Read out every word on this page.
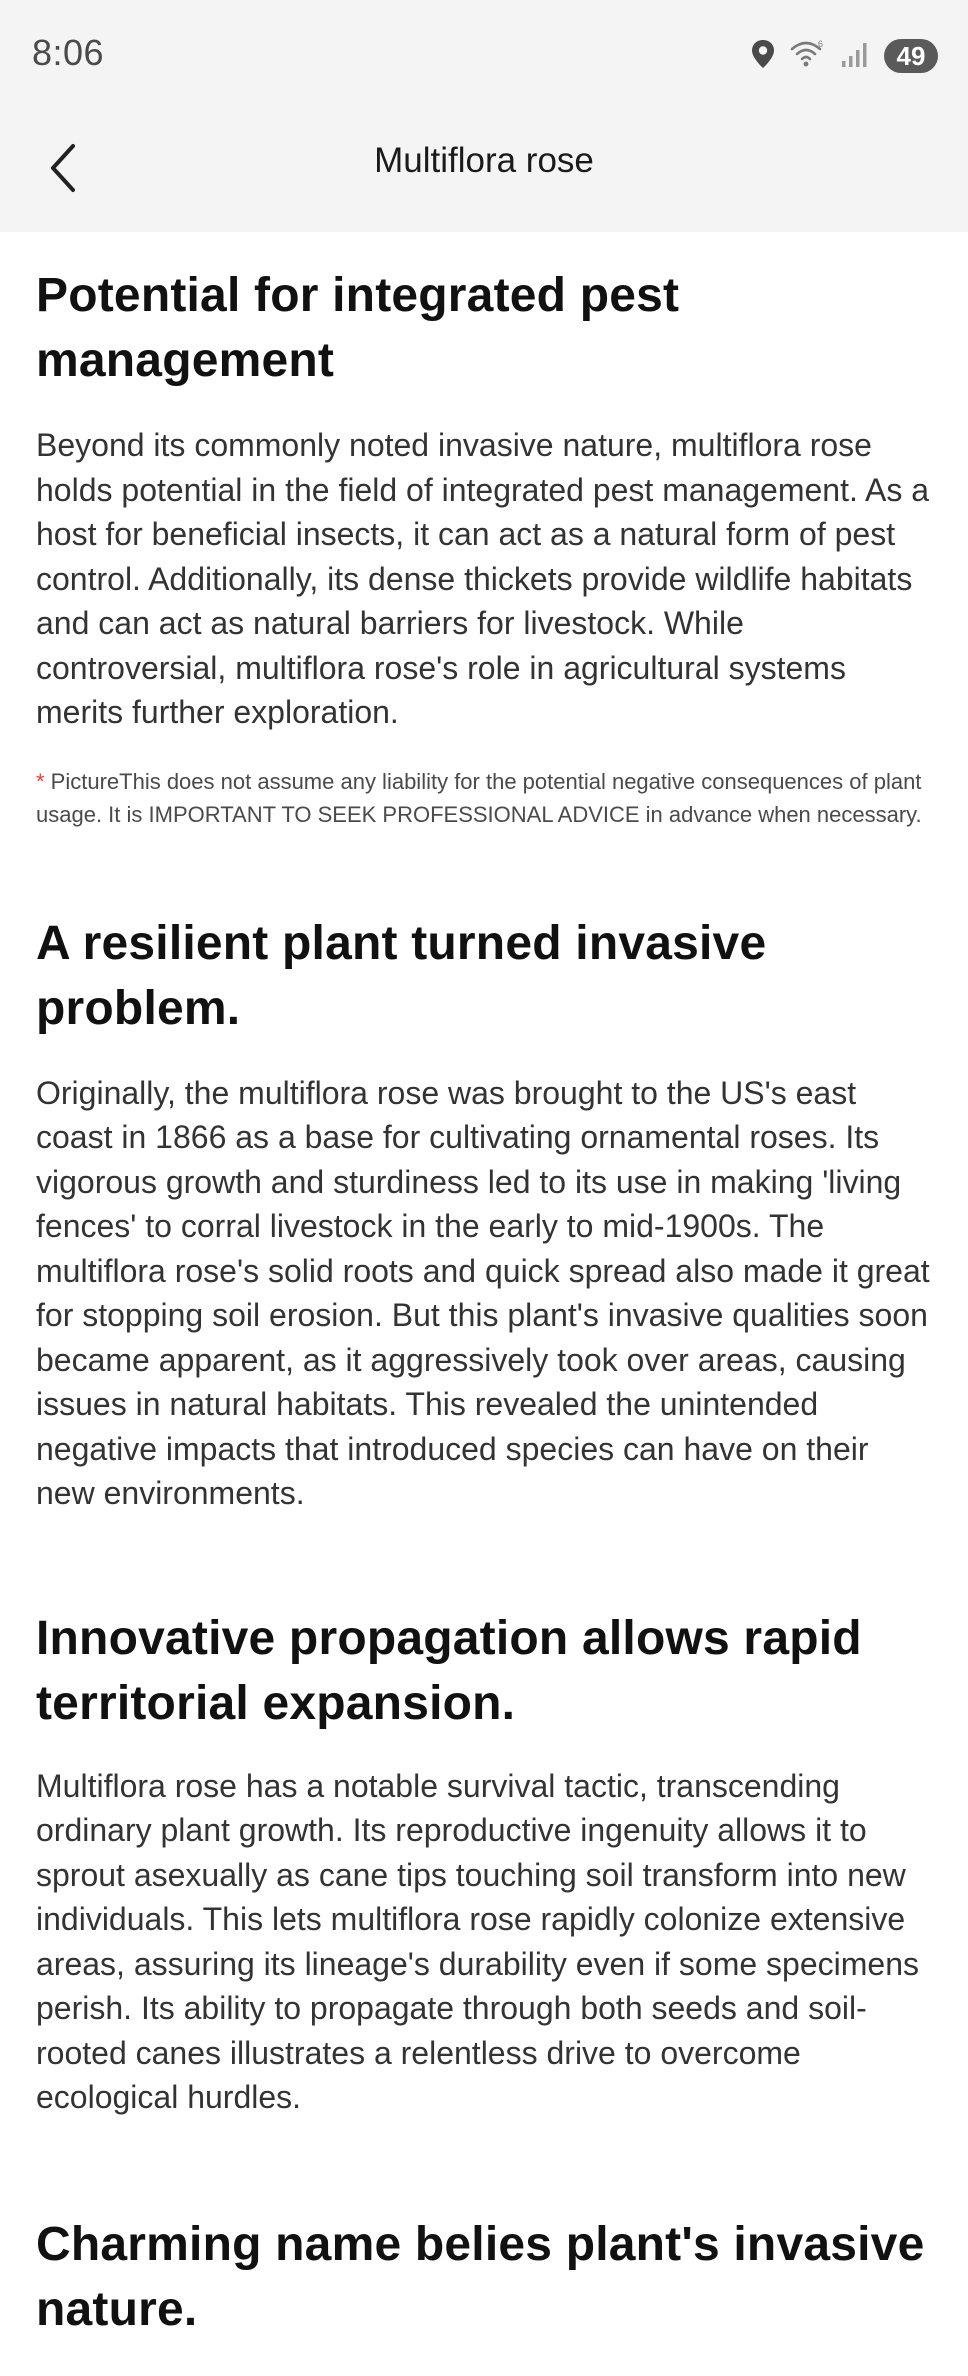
8:06	6	49
Multiflora rose
Potential for integrated pest management

Beyond its commonly noted invasive nature, multiflora rose holds potential in the field of integrated pest management. As a host for beneficial insects, it can act as a natural form of pest control. Additionally, its dense thickets provide wildlife habitats and can act as natural barriers for livestock. While controversial, multiflora rose's role in agricultural systems merits further exploration.

* PictureThis does not assume any liability for the potential negative consequences of plant usage. It is IMPORTANT TO SEEK PROFESSIONAL ADVICE in advance when necessary.

A resilient plant turned invasive problem.

Originally, the multiflora rose was brought to the US's east coast in 1866 as a base for cultivating ornamental roses. Its vigorous growth and sturdiness led to its use in making 'living fences' to corral livestock in the early to mid-1900s. The multiflora rose's solid roots and quick spread also made it great for stopping soil erosion. But this plant's invasive qualities soon became apparent, as it aggressively took over areas, causing issues in natural habitats. This revealed the unintended negative impacts that introduced species can have on their new environments.

Innovative propagation allows rapid territorial expansion.

Multiflora rose has a notable survival tactic, transcending ordinary plant growth. Its reproductive ingenuity allows it to sprout asexually as cane tips touching soil transform into new individuals. This lets multiflora rose rapidly colonize extensive areas, assuring its lineage's durability even if some specimens perish. Its ability to propagate through both seeds and soil-rooted canes illustrates a relentless drive to overcome ecological hurdles.

Charming name belies plant's invasive nature.
